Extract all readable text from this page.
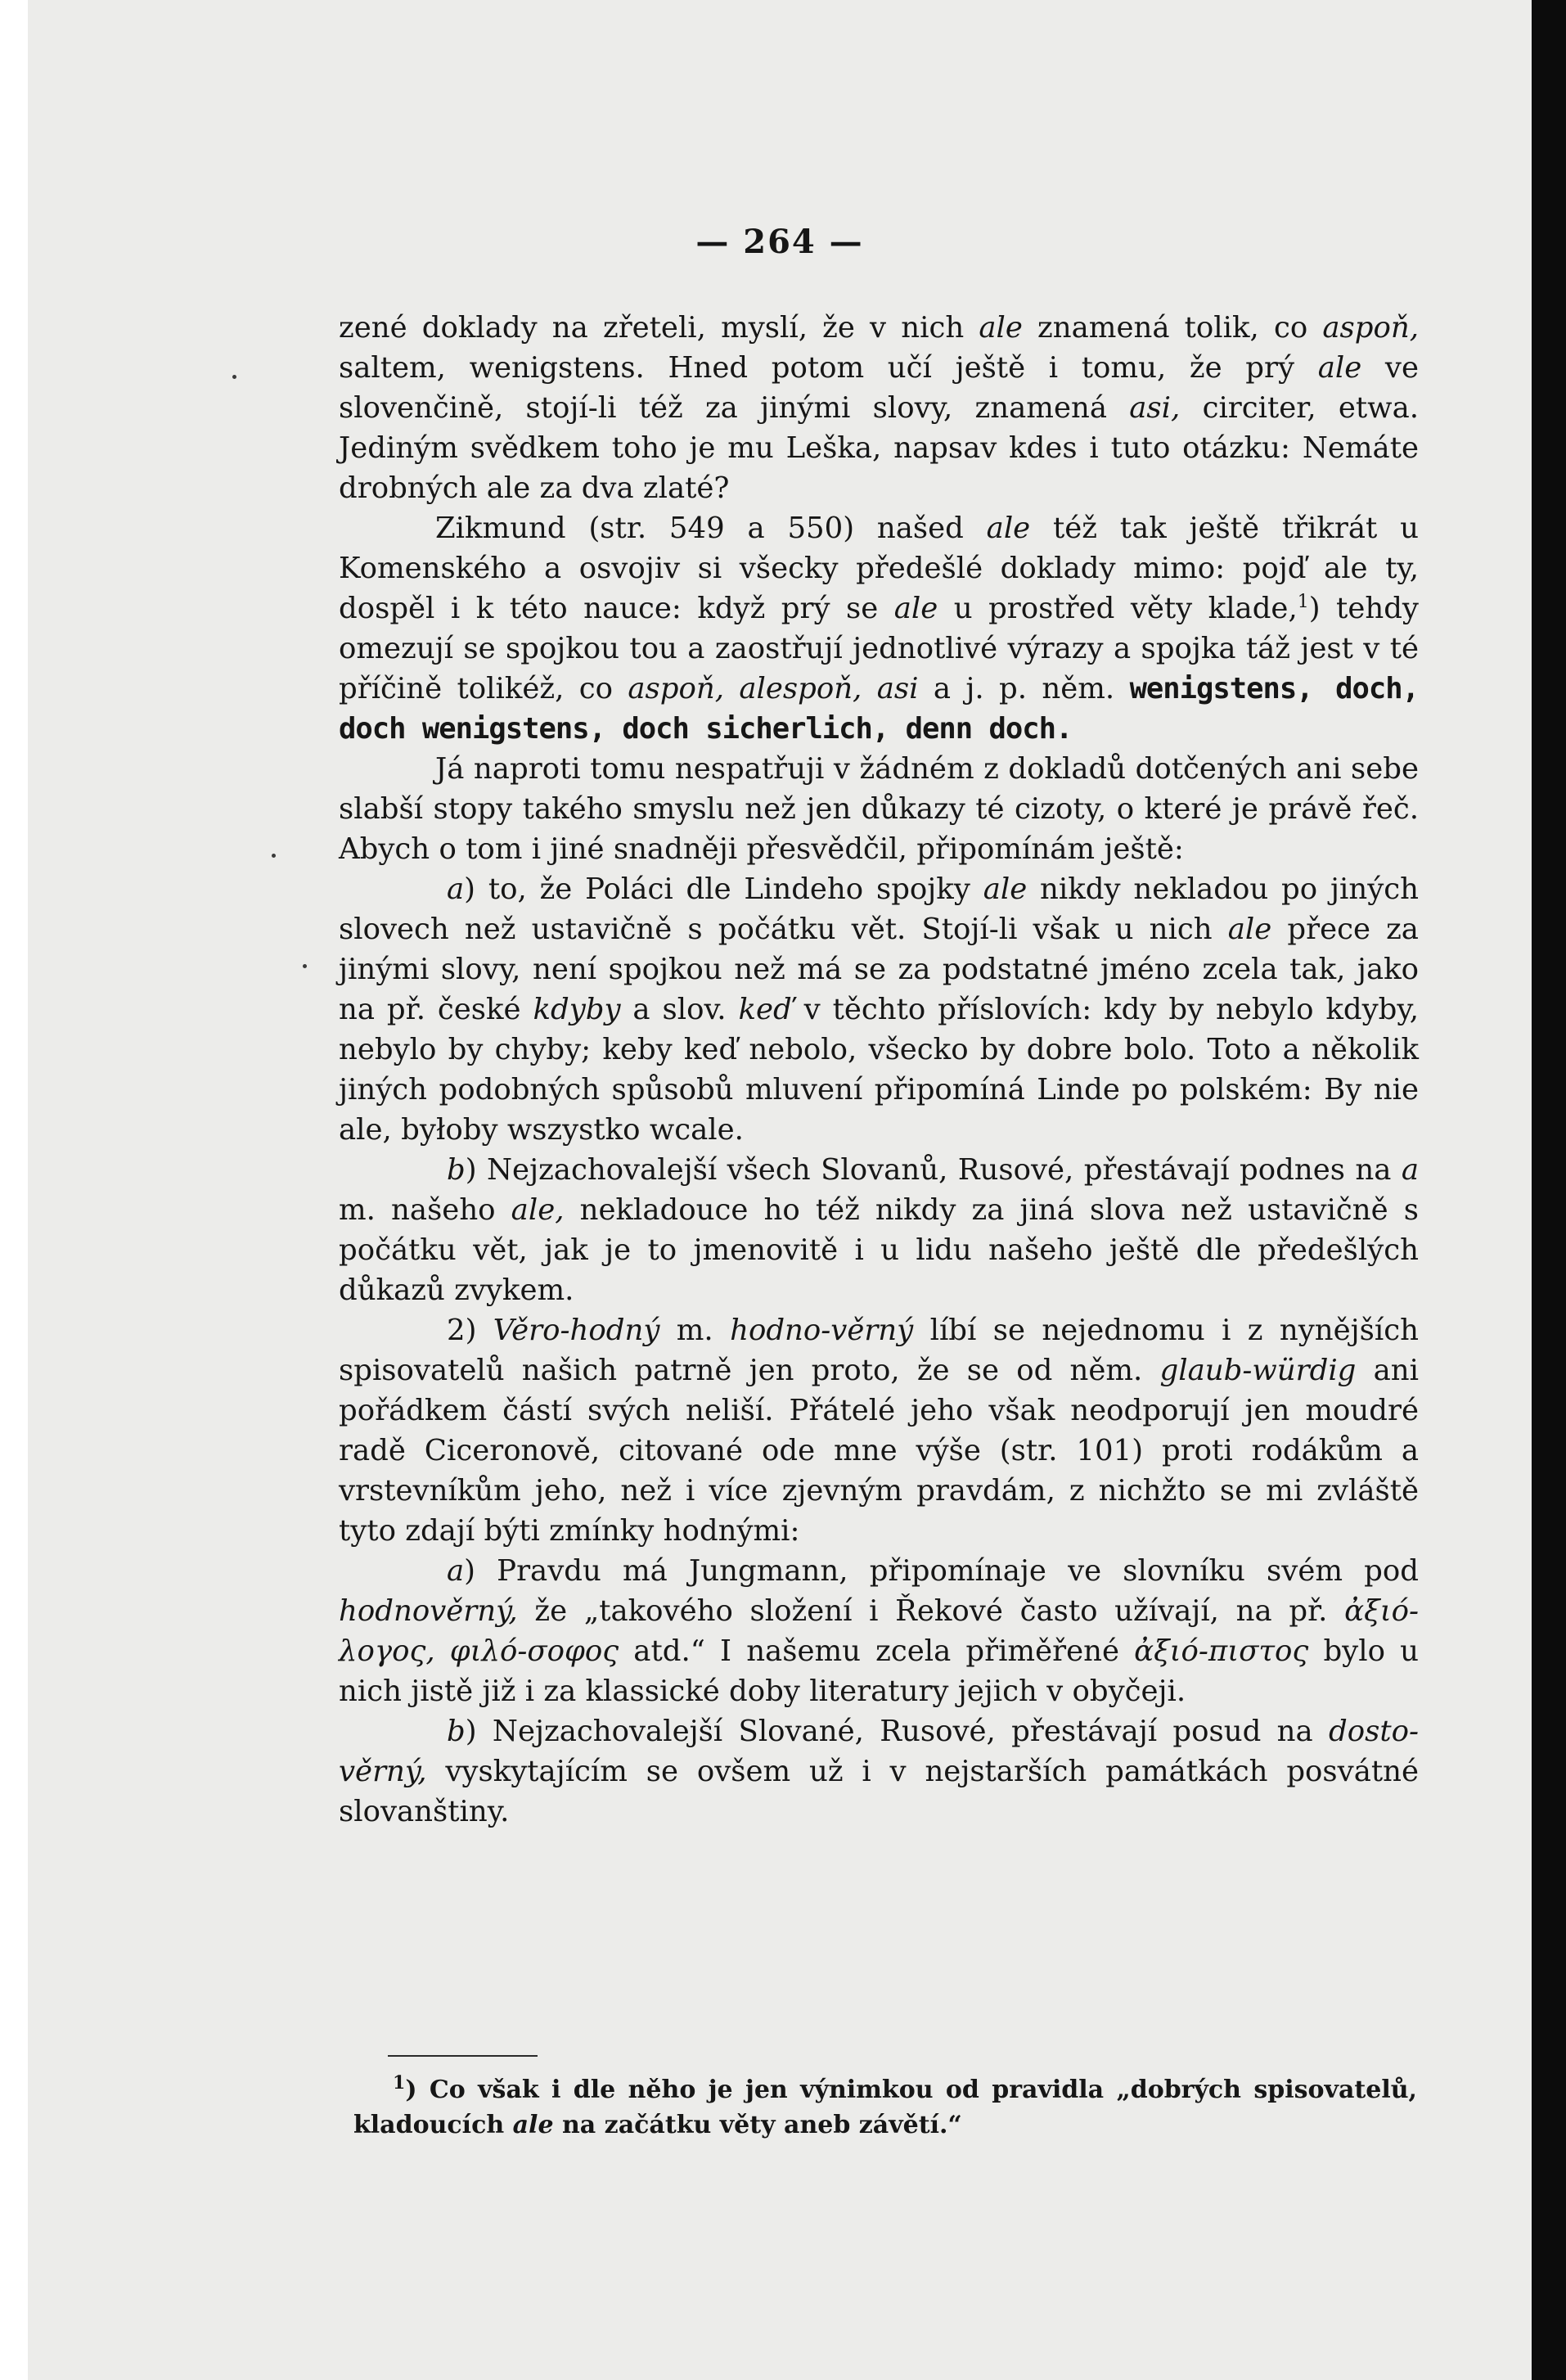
— 264 —

zené doklady na zřeteli, myslí, že v nich ale znamená tolik, co aspoň, saltem, wenigstens. Hned potom učí ještě i tomu, že prý ale ve slovenčině, stojí-li též za jinými slovy, znamená asi, circiter, etwa. Jediným svědkem toho je mu Leška, napsav kdes i tuto otázku: Nemáte drobných ale za dva zlaté?

Zikmund (str. 549 a 550) našed ale též tak ještě třikrát u Komenského a osvojiv si všecky předešlé doklady mimo: pojď ale ty, dospěl i k této nauce: když prý se ale u prostřed věty klade,$^1$) tehdy omezují se spojkou tou a zaostřují jednotlivé výrazy a spojka táž jest v té příčině tolikéž, co aspoň, alespoň, asi a j. p. něm. wenigstens, doch, doch wenigstens, doch sicherlich, denn doch.

Já naproti tomu nespatřuji v žádném z dokladů dotčených ani sebe slabší stopy takého smyslu než jen důkazy té cizoty, o které je právě řeč. Abych o tom i jiné snadněji přesvědčil, připomínám ještě:

a) to, že Poláci dle Lindeho spojky ale nikdy nekladou po jiných slovech než ustavičně s počátku vět. Stojí-li však u nich ale přece za jinými slovy, není spojkou než má se za podstatné jméno zcela tak, jako na př. české kdyby a slov. keď v těchto příslovích: kdy by nebylo kdyby, nebylo by chyby; keby keď nebolo, všecko by dobre bolo. Toto a několik jiných podobných spůsobů mluvení připomíná Linde po polském: By nie ale, byłoby wszystko wcale.

b) Nejzachovalejší všech Slovanů, Rusové, přestávají podnes na a m. našeho ale, nekladouce ho též nikdy za jiná slova než ustavičně s počátku vět, jak je to jmenovitě i u lidu našeho ještě dle předešlých důkazů zvykem.

2) Věro-hodný m. hodno-věrný líbí se nejednomu i z nynějších spisovatelů našich patrně jen proto, že se od něm. glaub-würdig ani pořádkem částí svých neliší. Přátelé jeho však neodporují jen moudré radě Ciceronově, citované ode mne výše (str. 101) proti rodákům a vrstevníkům jeho, než i více zjevným pravdám, z nichžto se mi zvláště tyto zdají býti zmínky hodnými:

a) Pravdu má Jungmann, připomínaje ve slovníku svém pod hodnověrný, že „takového složení i Řekové často užívají, na př. ἀξιό-λογος, φιλό-σοφος atd.“ I našemu zcela přiměřené ἀξιό-πιστος bylo u nich jistě již i za klassické doby literatury jejich v obyčeji.

b) Nejzachovalejší Slované, Rusové, přestávají posud na dosto-věrný, vyskytajícím se ovšem už i v nejstarších památkách posvátné slovanštiny.

$^1$) Co však i dle něho je jen výnimkou od pravidla „dobrých spisovatelů, kladoucích ale na začátku věty aneb závětí.“
